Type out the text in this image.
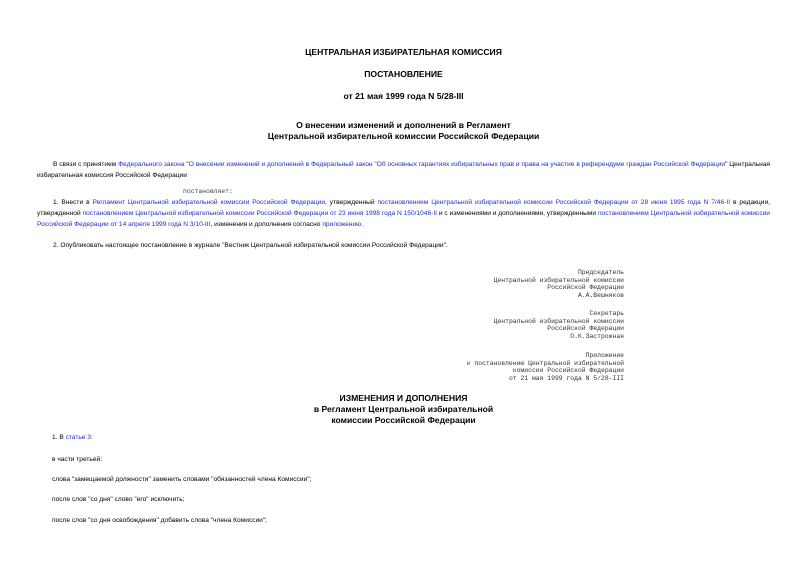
ЦЕНТРАЛЬНАЯ ИЗБИРАТЕЛЬНАЯ КОМИССИЯ
ПОСТАНОВЛЕНИЕ
от 21 мая 1999 года N 5/28-III
О внесении изменений и дополнений в Регламент
Центральной избирательной комиссии Российской Федерации
В связи с принятием Федерального закона "О внесении изменений и дополнений в Федеральный закон "Об основных гарантиях избирательных прав и права на участие в референдуме граждан Российской Федерации" Центральная избирательная комиссия Российской Федерации
постановляет:
1. Внести в Регламент Центральной избирательной комиссии Российской Федерации, утвержденный постановлением Центральной избирательной комиссии Российской Федерации от 28 июня 1995 года N 7/46-II в редакции, утвержденной постановлением Центральной избирательной комиссии Российской Федерации от 23 июня 1998 года N 150/1046-II и с изменениями и дополнениями, утвержденными постановлением Центральной избирательной комиссии Российской Федерации от 14 апреля 1999 года N 3/10-III, изменения и дополнения согласно приложению.
2. Опубликовать настоящее постановление в журнале "Вестник Центральной избирательной комиссии Российской Федерации".
Председатель
Центральной избирательной комиссии
Российской Федерации
А.А.Вешняков
Секретарь
Центральной избирательной комиссии
Российской Федерации
О.К.Застрожная
Приложение
к постановлению Центральной избирательной
комиссии Российской Федерации
от 21 мая 1999 года N 5/28-III
ИЗМЕНЕНИЯ И ДОПОЛНЕНИЯ
в Регламент Центральной избирательной
комиссии Российской Федерации
1. В статье 3:
в части третьей:
слова "замещаемой должности" заменить словами "обязанностей члена Комиссии";
после слов "со дня" слово "его" исключить;
после слов "со дня освобождения" добавить слова "члена Комиссии";
